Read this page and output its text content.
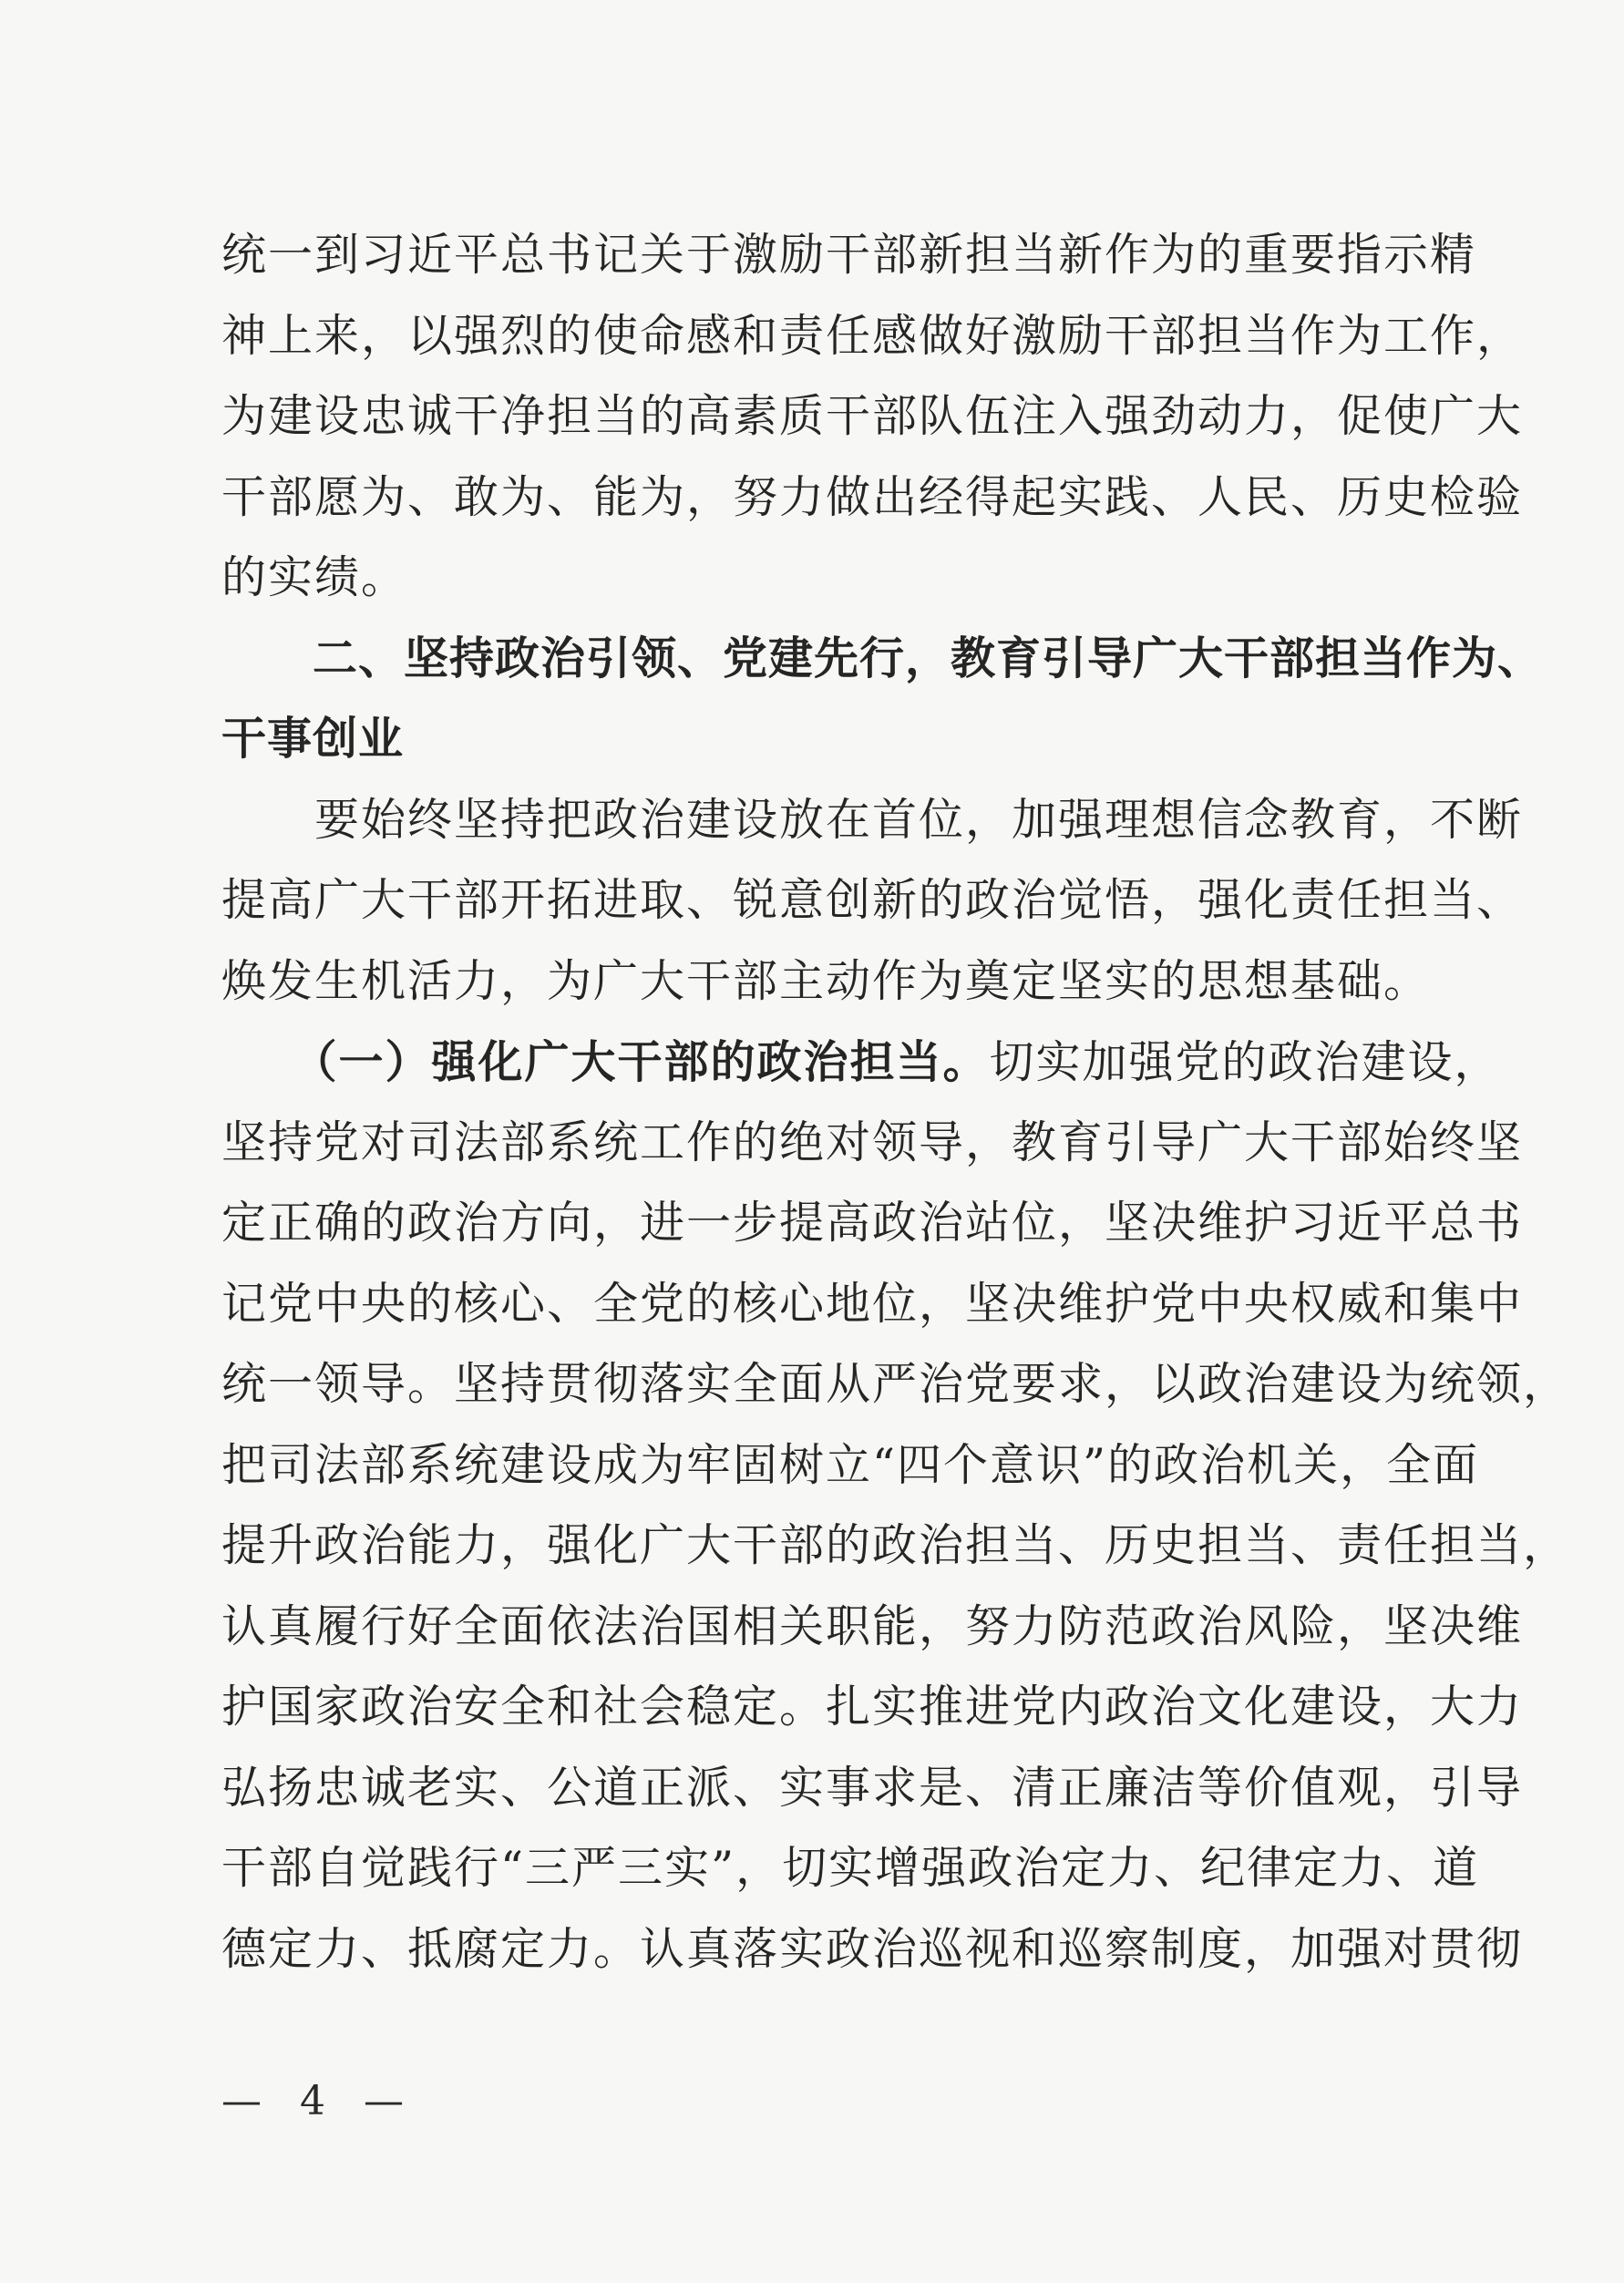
统一到习近平总书记关于激励干部新担当新作为的重要指示精
神上来，以强烈的使命感和责任感做好激励干部担当作为工作，
为建设忠诚干净担当的高素质干部队伍注入强劲动力，促使广大
干部愿为、敢为、能为，努力做出经得起实践、人民、历史检验
的实绩。
　　二、坚持政治引领、党建先行，教育引导广大干部担当作为、
干事创业
　　要始终坚持把政治建设放在首位，加强理想信念教育，不断
提高广大干部开拓进取、锐意创新的政治觉悟，强化责任担当、
焕发生机活力，为广大干部主动作为奠定坚实的思想基础。
　　（一）强化广大干部的政治担当。切实加强党的政治建设，
坚持党对司法部系统工作的绝对领导，教育引导广大干部始终坚
定正确的政治方向，进一步提高政治站位，坚决维护习近平总书
记党中央的核心、全党的核心地位，坚决维护党中央权威和集中
统一领导。坚持贯彻落实全面从严治党要求，以政治建设为统领，
把司法部系统建设成为牢固树立“四个意识”的政治机关，全面
提升政治能力，强化广大干部的政治担当、历史担当、责任担当，
认真履行好全面依法治国相关职能，努力防范政治风险，坚决维
护国家政治安全和社会稳定。扎实推进党内政治文化建设，大力
弘扬忠诚老实、公道正派、实事求是、清正廉洁等价值观，引导
干部自觉践行“三严三实”，切实增强政治定力、纪律定力、道
德定力、抵腐定力。认真落实政治巡视和巡察制度，加强对贯彻
— 4 —
